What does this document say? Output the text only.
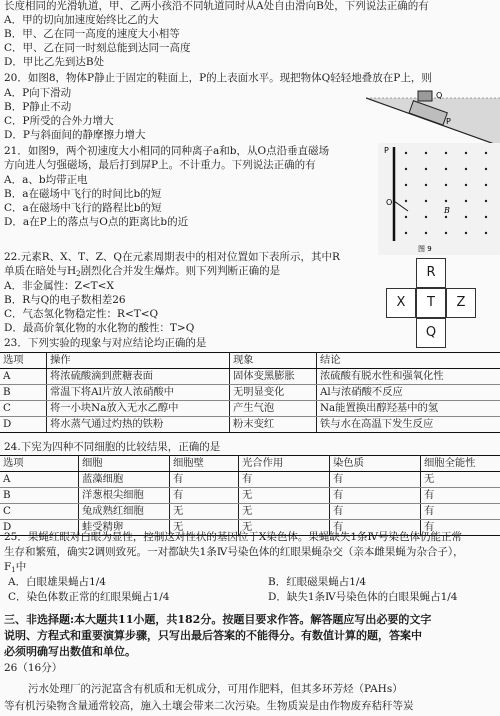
长度相同的光滑轨道，甲、乙两小孩沿不同轨道同时从A处自由滑向B处，下列说法正确的有
A．甲的切向加速度始终比乙的大
B．甲、乙在同一高度的速度大小相等
C．甲、乙在同一时刻总能到达同一高度
D．甲比乙先到达B处
20．如图8，物体P静止于固定的鞋面上，P的上表面水平。现把物体Q轻轻地叠放在P上，则
A．P向下滑动
B．P静止不动
C．P所受的合外力增大
D．P与斜面间的静摩擦力增大
Q
P
21．如图9，两个初速度大小相同的同种离子a和b，从O点沿垂直磁场
方向进人匀强磁场，最后打到屏P上。不计重力。下列说法正确的有
A．a、b均带正电
B．a在磁场中飞行的时间比b的短
C．a在磁场中飞行的路程比b的短
D．a在P上的落点与O点的距离比b的近
P
O
B
图 9
22.元素R、X、T、Z、Q在元素周期表中的相对位置如下表所示，其中R
单质在暗处与$H_2$剧烈化合并发生爆炸。则下列判断正确的是
A．非金属性：Z<T<X
B．R与Q的电子数相差26
C．气态氢化物稳定性：R<T<Q
D．最高价氧化物的水化物的酸性：T>Q
R
X	T	Z
Q
23．下列实验的现象与对应结论均正确的是
选项	操作	现象	结论
A	将浓硫酸滴到蔗糖表面	固体变黑膨胀	浓硫酸有脱水性和强氧化性
B	常温下将Al片放人浓硝酸中	无明显变化	Al与浓硝酸不反应
C	将一小块Na放入无水乙醇中	产生气泡	Na能置换出醇羟基中的氢
D	将水蒸气通过灼热的铁粉	粉末变红	铁与水在高温下发生反应
24.下宪为四种不同细胞的比较结果，正确的是
选项	细胞	细胞壁	光合作用	染色质	细胞全能性
A	蓝藻细胞	有	有	有	无
B	洋葱根尖细胞	有	无	有	有
C	兔成熟红细胞	无	无	有	有
D	蛙受精卵	无	无	有	有
25．果蝇红眼对白眼为显性，控制这对性状的基因位于X染色体。果蝇缺失1条Ⅳ号染色体仍能正常
生存和繁殖，确实2调则致死。一对都缺失1条Ⅳ号染色体的红眼果蝇杂交（亲本雌果蝇为杂合子），
$F_1$中
A．白眼雄果蝇占1/4	B．红眼磁果蝇占1/4
C．染色体数正常的红眼果蝇占1/4	D．缺失1条Ⅳ号染色体的白眼果蝇占1/4
三、非选择题:本大题共11小题，共182分。按题目要求作答。解答题应写出必要的文字
说明、方程式和重要演算步骤，只写出最后答案的不能得分。有数值计算的题，答案中
必须明确写出数值和单位。
26（16分）
污水处理厂的污泥富含有机质和无机成分，可用作肥料，但其多环芳烃（PAHs）
等有机污染物含量通常较高，施入土壤会带来二次污染。生物质炭是由作物废弃秸秆等炭
